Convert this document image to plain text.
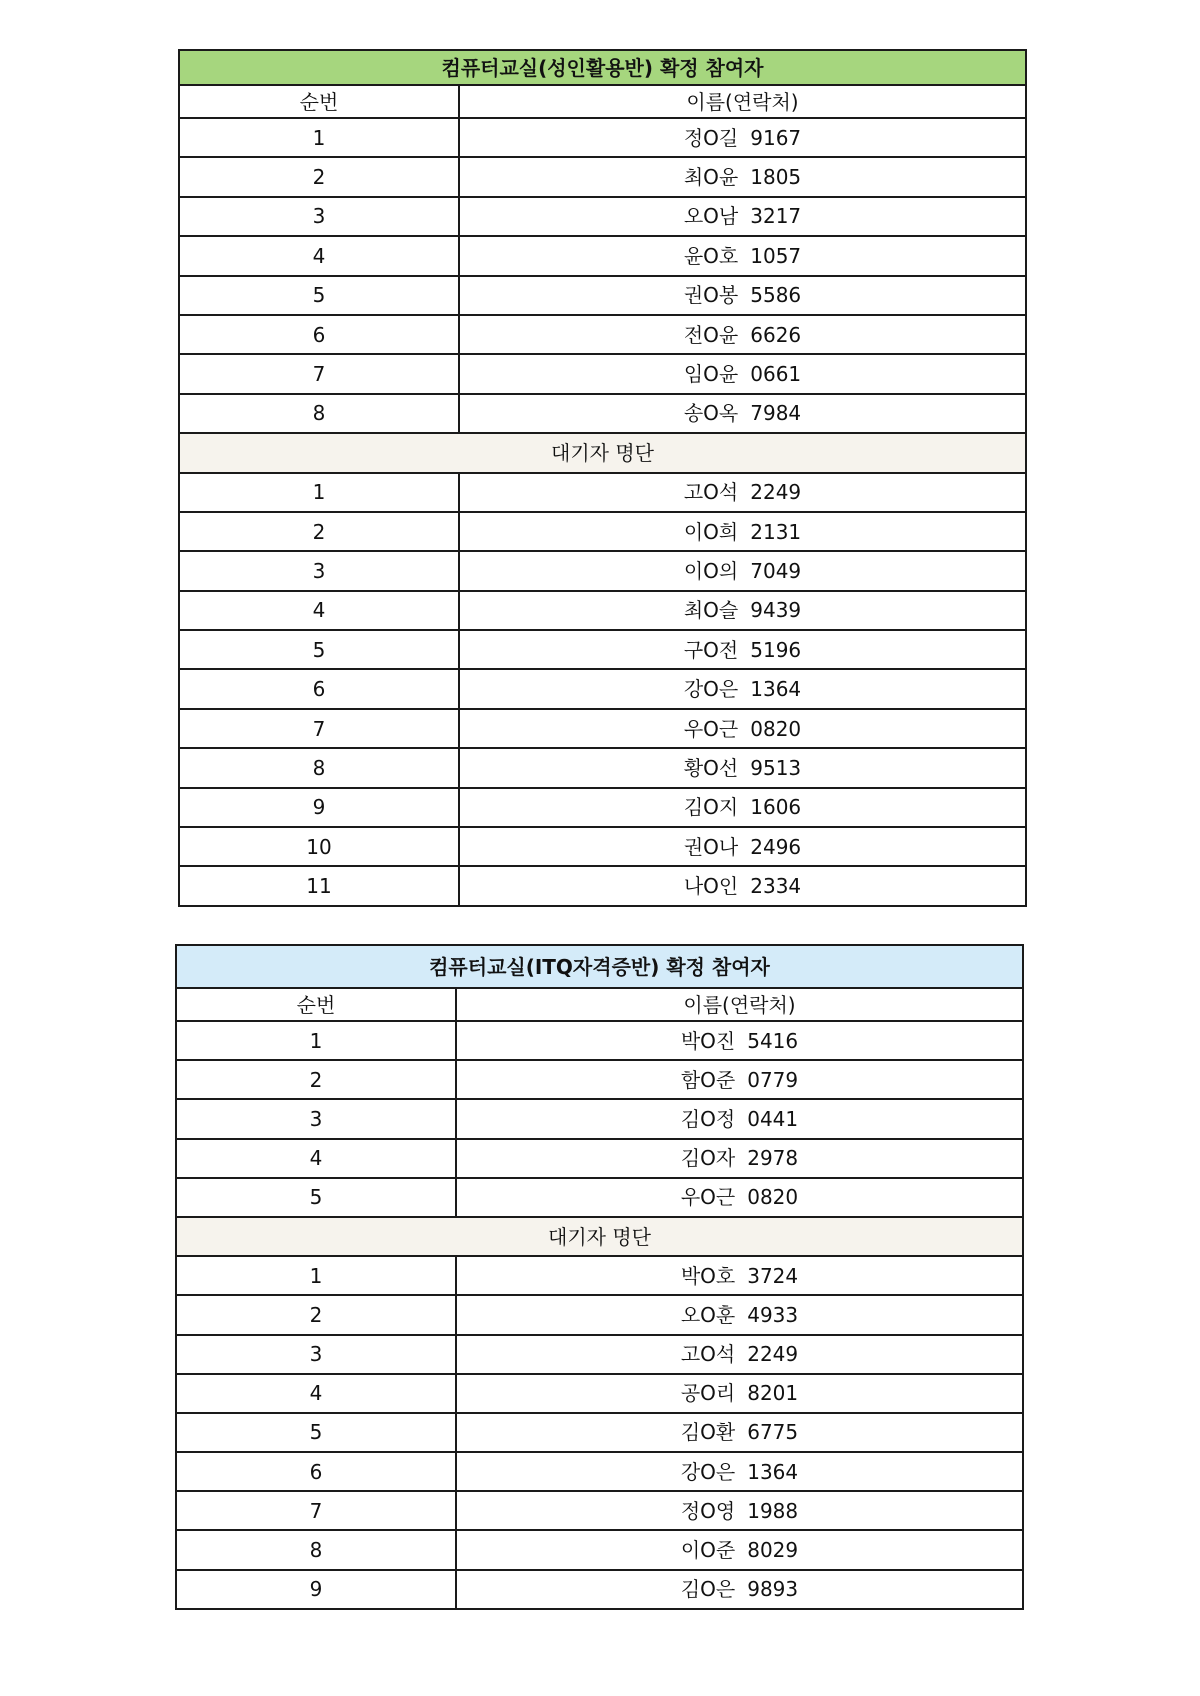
컴퓨터교실(성인활용반) 확정 참여자	
순번	이름(연락처)
1	정O길 9167
2	최O윤 1805
3	오O남 3217
4	윤O호 1057
5	권O봉 5586
6	전O윤 6626
7	임O윤 0661
8	송O옥 7984
대기자 명단	
1	고O석 2249
2	이O희 2131
3	이O의 7049
4	최O슬 9439
5	구O전 5196
6	강O은 1364
7	우O근 0820
8	황O선 9513
9	김O지 1606
10	권O나 2496
11	나O인 2334
컴퓨터교실(ITQ자격증반) 확정 참여자	
순번	이름(연락처)
1	박O진 5416
2	함O준 0779
3	김O정 0441
4	김O자 2978
5	우O근 0820
대기자 명단	
1	박O호 3724
2	오O훈 4933
3	고O석 2249
4	공O리 8201
5	김O환 6775
6	강O은 1364
7	정O영 1988
8	이O준 8029
9	김O은 9893
